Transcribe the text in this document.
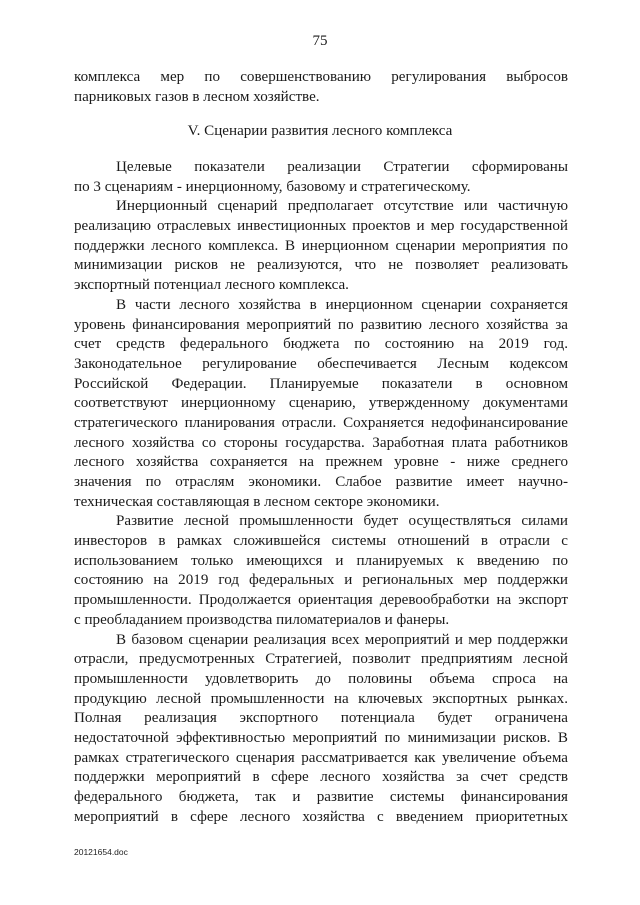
75
комплекса мер по совершенствованию регулирования выбросов
парниковых газов в лесном хозяйстве.
V. Сценарии развития лесного комплекса
Целевые показатели реализации Стратегии сформированы
по 3 сценариям - инерционному, базовому и стратегическому.
Инерционный сценарий предполагает отсутствие или частичную
реализацию отраслевых инвестиционных проектов и мер государственной
поддержки лесного комплекса. В инерционном сценарии мероприятия по
минимизации рисков не реализуются, что не позволяет реализовать
экспортный потенциал лесного комплекса.
В части лесного хозяйства в инерционном сценарии сохраняется
уровень финансирования мероприятий по развитию лесного хозяйства за
счет средств федерального бюджета по состоянию на 2019 год.
Законодательное регулирование обеспечивается Лесным кодексом
Российской Федерации. Планируемые показатели в основном
соответствуют инерционному сценарию, утвержденному документами
стратегического планирования отрасли. Сохраняется недофинансирование
лесного хозяйства со стороны государства. Заработная плата работников
лесного хозяйства сохраняется на прежнем уровне - ниже среднего
значения по отраслям экономики. Слабое развитие имеет научно-
техническая составляющая в лесном секторе экономики.
Развитие лесной промышленности будет осуществляться силами
инвесторов в рамках сложившейся системы отношений в отрасли с
использованием только имеющихся и планируемых к введению по
состоянию на 2019 год федеральных и региональных мер поддержки
промышленности. Продолжается ориентация деревообработки на экспорт
с преобладанием производства пиломатериалов и фанеры.
В базовом сценарии реализация всех мероприятий и мер поддержки
отрасли, предусмотренных Стратегией, позволит предприятиям лесной
промышленности удовлетворить до половины объема спроса на
продукцию лесной промышленности на ключевых экспортных рынках.
Полная реализация экспортного потенциала будет ограничена
недостаточной эффективностью мероприятий по минимизации рисков. В
рамках стратегического сценария рассматривается как увеличение объема
поддержки мероприятий в сфере лесного хозяйства за счет средств
федерального бюджета, так и развитие системы финансирования
мероприятий в сфере лесного хозяйства с введением приоритетных
20121654.doc
